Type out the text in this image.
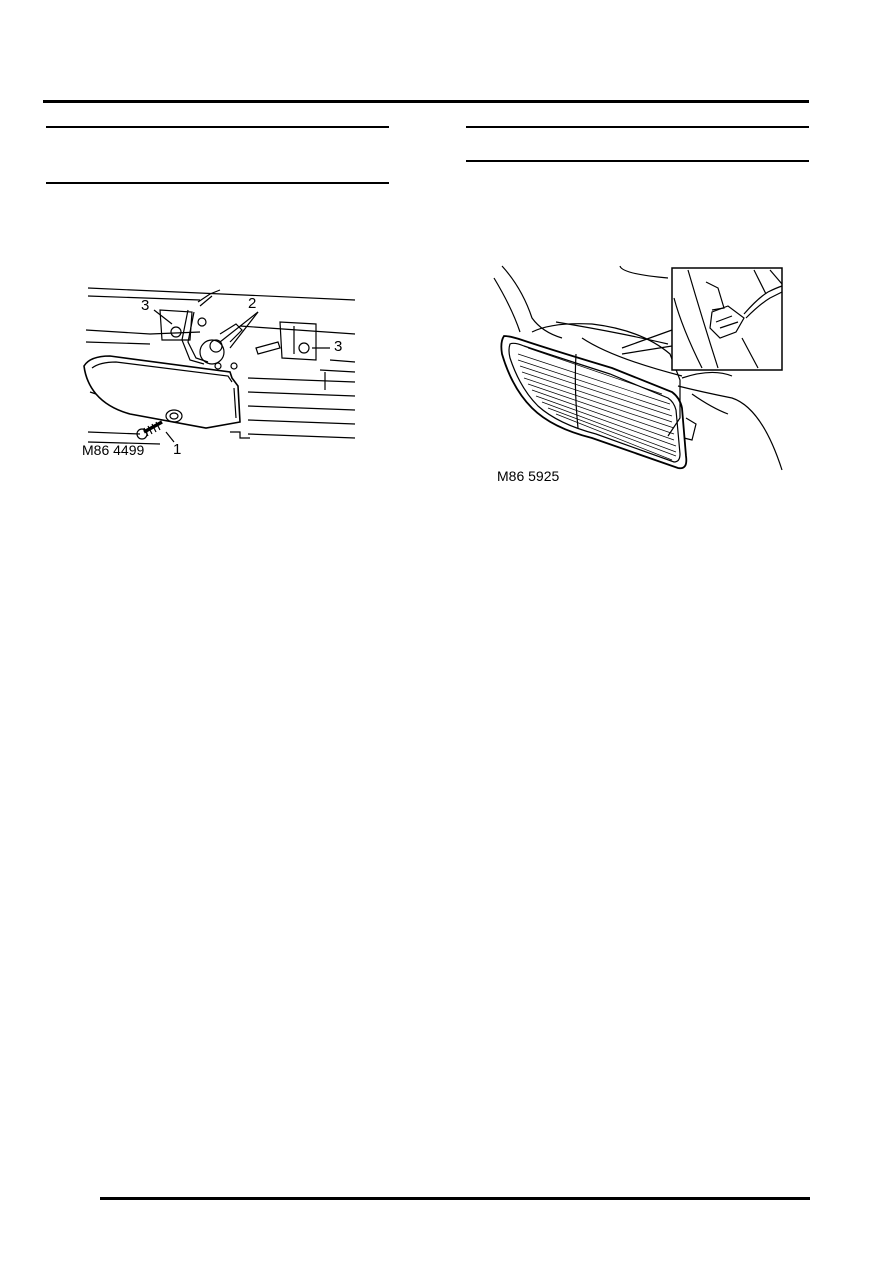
3	2
3
1
M86 4499
M86 5925
